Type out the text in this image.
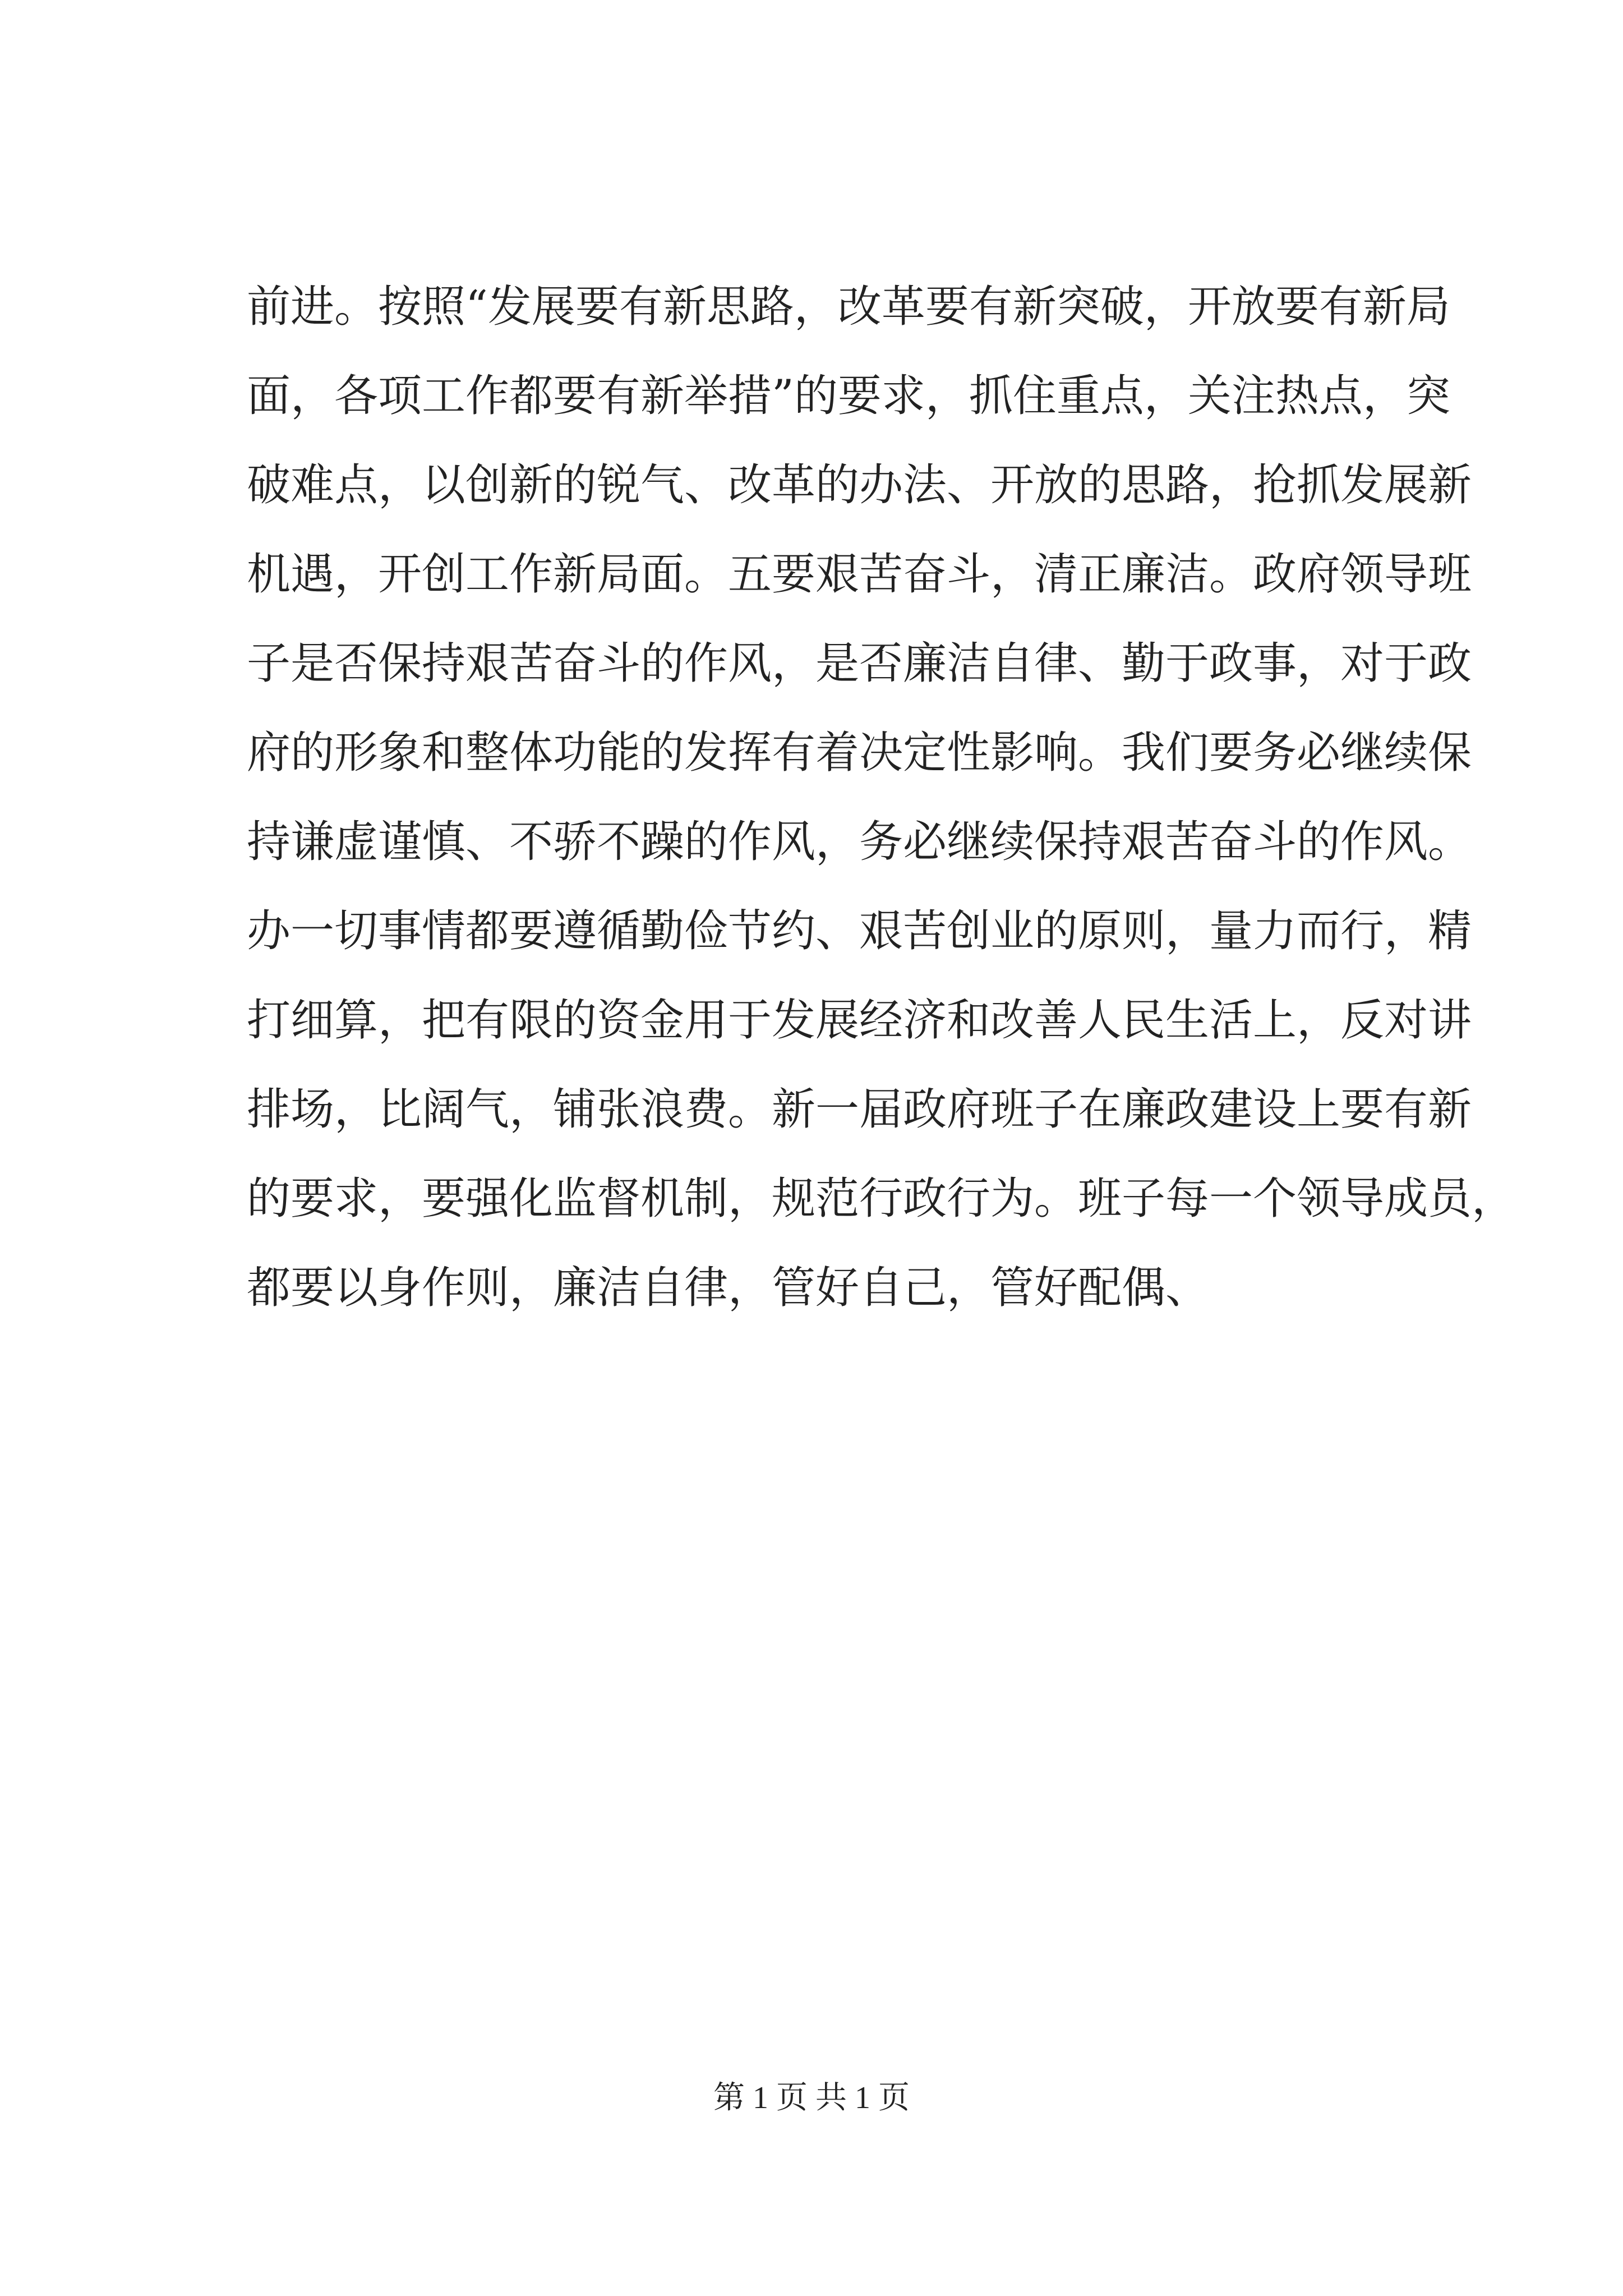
前进。按照“发展要有新思路，改革要有新突破，开放要有新局
面，各项工作都要有新举措”的要求，抓住重点，关注热点，突
破难点，以创新的锐气、改革的办法、开放的思路，抢抓发展新
机遇，开创工作新局面。五要艰苦奋斗，清正廉洁。政府领导班
子是否保持艰苦奋斗的作风，是否廉洁自律、勤于政事，对于政
府的形象和整体功能的发挥有着决定性影响。我们要务必继续保
持谦虚谨慎、不骄不躁的作风，务必继续保持艰苦奋斗的作风。
办一切事情都要遵循勤俭节约、艰苦创业的原则，量力而行，精
打细算，把有限的资金用于发展经济和改善人民生活上，反对讲
排场，比阔气，铺张浪费。新一届政府班子在廉政建设上要有新
的要求，要强化监督机制，规范行政行为。班子每一个领导成员，
都要以身作则，廉洁自律，管好自己，管好配偶、
第 1 页 共 1 页
